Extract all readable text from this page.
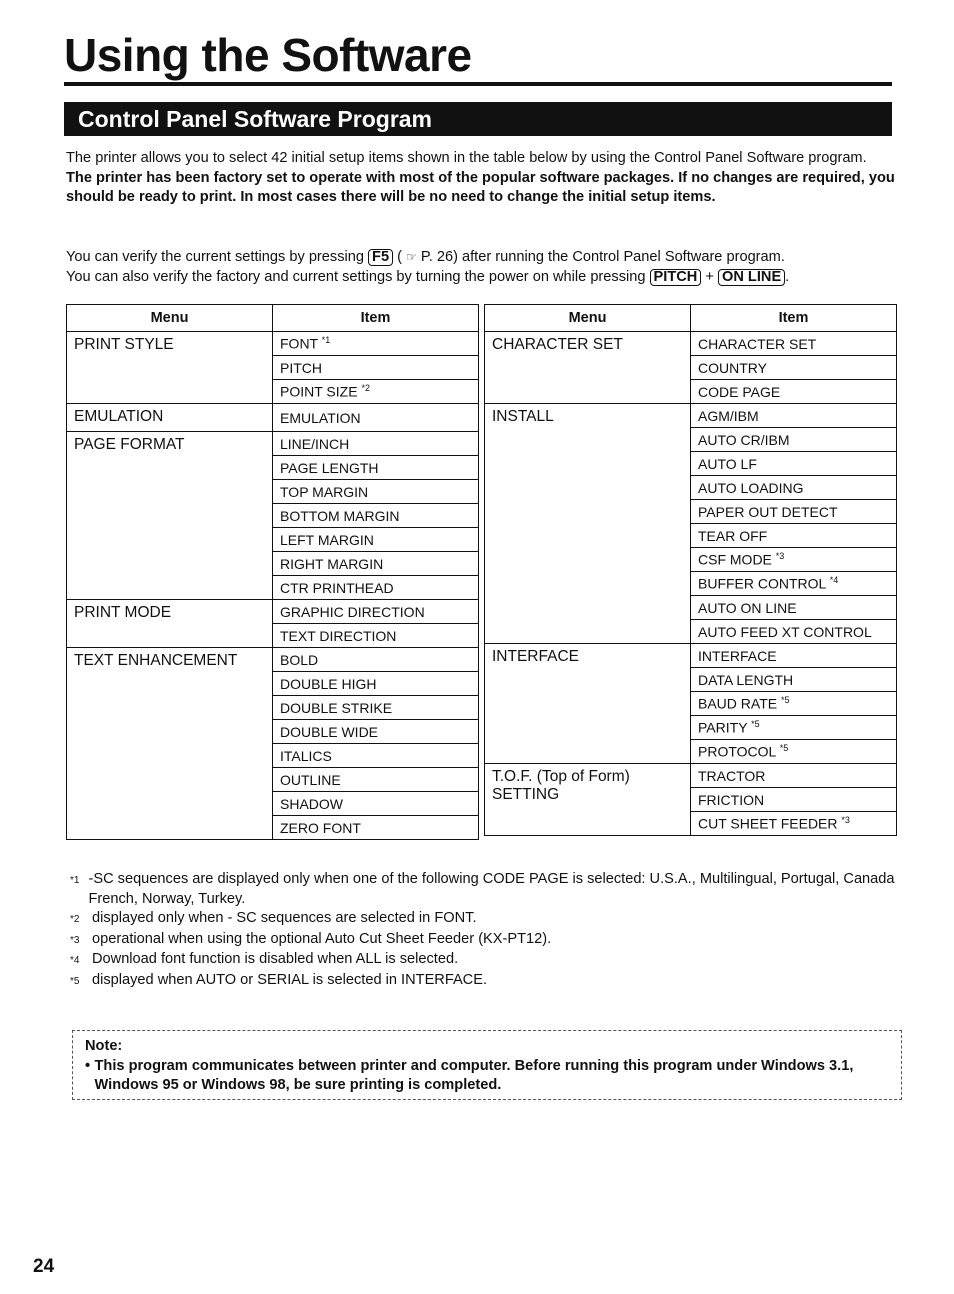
Using the Software
Control Panel Software Program

The printer allows you to select 42 initial setup items shown in the table below by using the Control Panel Software program.

The printer has been factory set to operate with most of the popular software packages. If no changes are required, you should be ready to print. In most cases there will be no need to change the initial setup items.

You can verify the current settings by pressing F5 ( ☞ P. 26) after running the Control Panel Software program.

You can also verify the factory and current settings by turning the power on while pressing PITCH + ON LINE .

Menu	Item
PRINT STYLE	FONT $^{*1}$
	PITCH
	POINT SIZE $^{*2}$
EMULATION	EMULATION
PAGE FORMAT	LINE/INCH
	PAGE LENGTH
	TOP MARGIN
	BOTTOM MARGIN
	LEFT MARGIN
	RIGHT MARGIN
	CTR PRINTHEAD
PRINT MODE	GRAPHIC DIRECTION
	TEXT DIRECTION
TEXT ENHANCEMENT	BOLD
	DOUBLE HIGH
	DOUBLE STRIKE
	DOUBLE WIDE
	ITALICS
	OUTLINE
	SHADOW
	ZERO FONT
Menu	Item
CHARACTER SET	CHARACTER SET
	COUNTRY
	CODE PAGE
INSTALL	AGM/IBM
	AUTO CR/IBM
	AUTO LF
	AUTO LOADING
	PAPER OUT DETECT
	TEAR OFF
	CSF MODE $^{*3}$
	BUFFER CONTROL $^{*4}$
	AUTO ON LINE
	AUTO FEED XT CONTROL
INTERFACE	INTERFACE
	DATA LENGTH
	BAUD RATE $^{*5}$
	PARITY $^{*5}$
	PROTOCOL $^{*5}$
T.O.F. (Top of Form) SETTING	TRACTOR
	FRICTION
	CUT SHEET FEEDER $^{*3}$
*1 -SC sequences are displayed only when one of the following CODE PAGE is selected: U.S.A., Multilingual, Portugal, Canada French, Norway, Turkey.
*2 displayed only when - SC sequences are selected in FONT.
*3 operational when using the optional Auto Cut Sheet Feeder (KX-PT12).
*4 Download font function is disabled when ALL is selected.
*5 displayed when AUTO or SERIAL is selected in INTERFACE.
Note:
• This program communicates between printer and computer. Before running this program under Windows 3.1, Windows 95 or Windows 98, be sure printing is completed.
24
